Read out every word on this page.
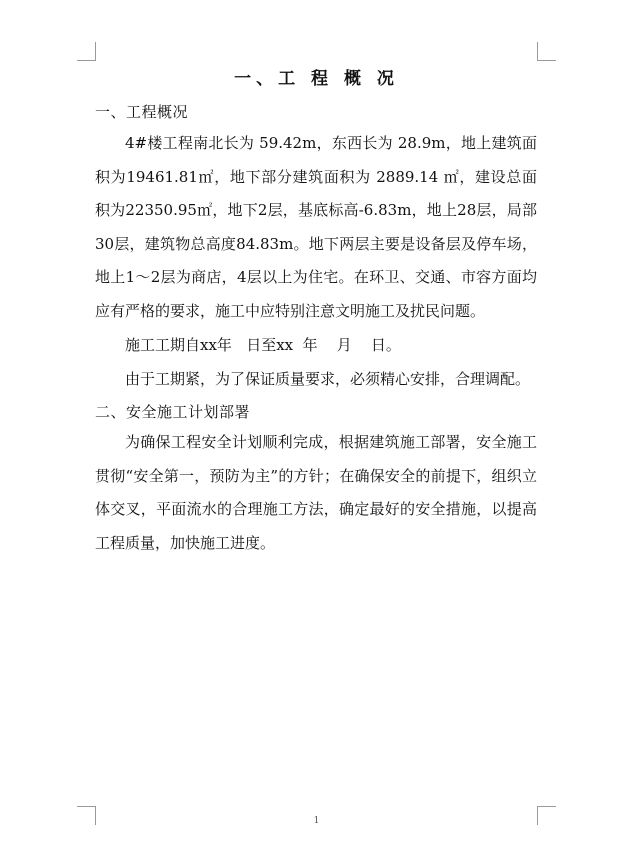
一、工 程 概 况
一、工程概况
4#楼工程南北长为 59.42m，东西长为 28.9m，地上建筑面积为19461.81㎡，地下部分建筑面积为 2889.14 ㎡，建设总面积为22350.95㎡，地下2层，基底标高-6.83m，地上28层，局部30层，建筑物总高度84.83m。地下两层主要是设备层及停车场，地上1～2层为商店，4层以上为住宅。在环卫、交通、市容方面均应有严格的要求，施工中应特别注意文明施工及扰民问题。
施工工期自xx年   日至xx  年    月    日。
由于工期紧，为了保证质量要求，必须精心安排，合理调配。
二、安全施工计划部署
为确保工程安全计划顺利完成，根据建筑施工部署，安全施工贯彻“安全第一，预防为主”的方针；在确保安全的前提下，组织立体交叉，平面流水的合理施工方法，确定最好的安全措施，以提高工程质量，加快施工进度。
1
